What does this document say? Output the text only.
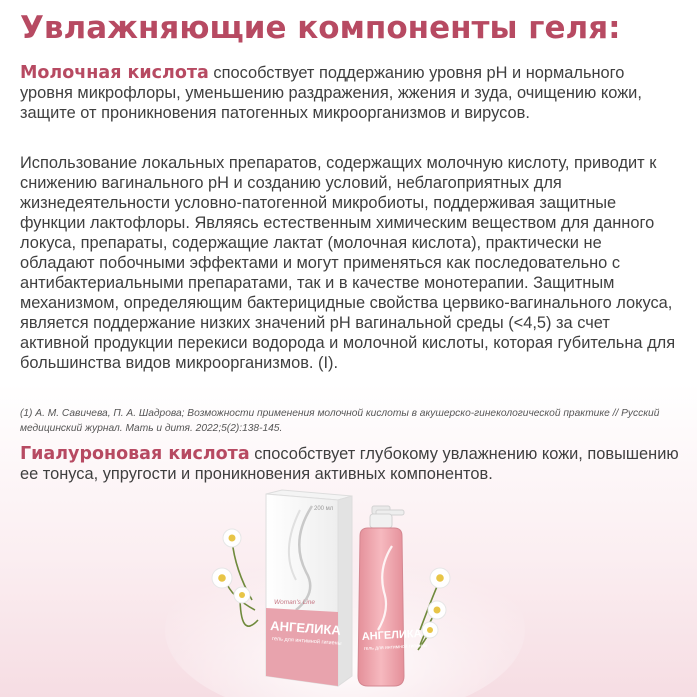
Увлажняющие компоненты геля:
Молочная кислота способствует поддержанию уровня pH и нормального уровня микрофлоры, уменьшению раздражения, жжения и зуда, очищению кожи, защите от проникновения патогенных микроорганизмов и вирусов.
Использование локальных препаратов, содержащих молочную кислоту, приводит к снижению вагинального pH и созданию условий, неблагоприятных для жизнедеятельности условно-патогенной микробиоты, поддерживая защитные функции лактофлоры. Являясь естественным химическим веществом для данного локуса, препараты, содержащие лактат (молочная кислота), практически не обладают побочными эффектами и могут применяться как последовательно с антибактериальными препаратами, так и в качестве монотерапии. Защитным механизмом, определяющим бактерицидные свойства цервико-вагинального локуса, является поддержание низких значений pH вагинальной среды (<4,5) за счет активной продукции перекиси водорода и молочной кислоты, которая губительна для большинства видов микроорганизмов. (I).
(1) А. М. Савичева, П. А. Шадрова; Возможности применения молочной кислоты в акушерско-гинекологической практике // Русский медицинский журнал. Мать и дитя. 2022;5(2):138-145.
Гиалуроновая кислота способствует глубокому увлажнению кожи, повышению ее тонуса, упругости и проникновения активных компонентов.
200 мл
Woman's Line
АНГЕЛИКА
гель для интимной гигиены АНГЕЛИКА
гель для интимной гигиены
